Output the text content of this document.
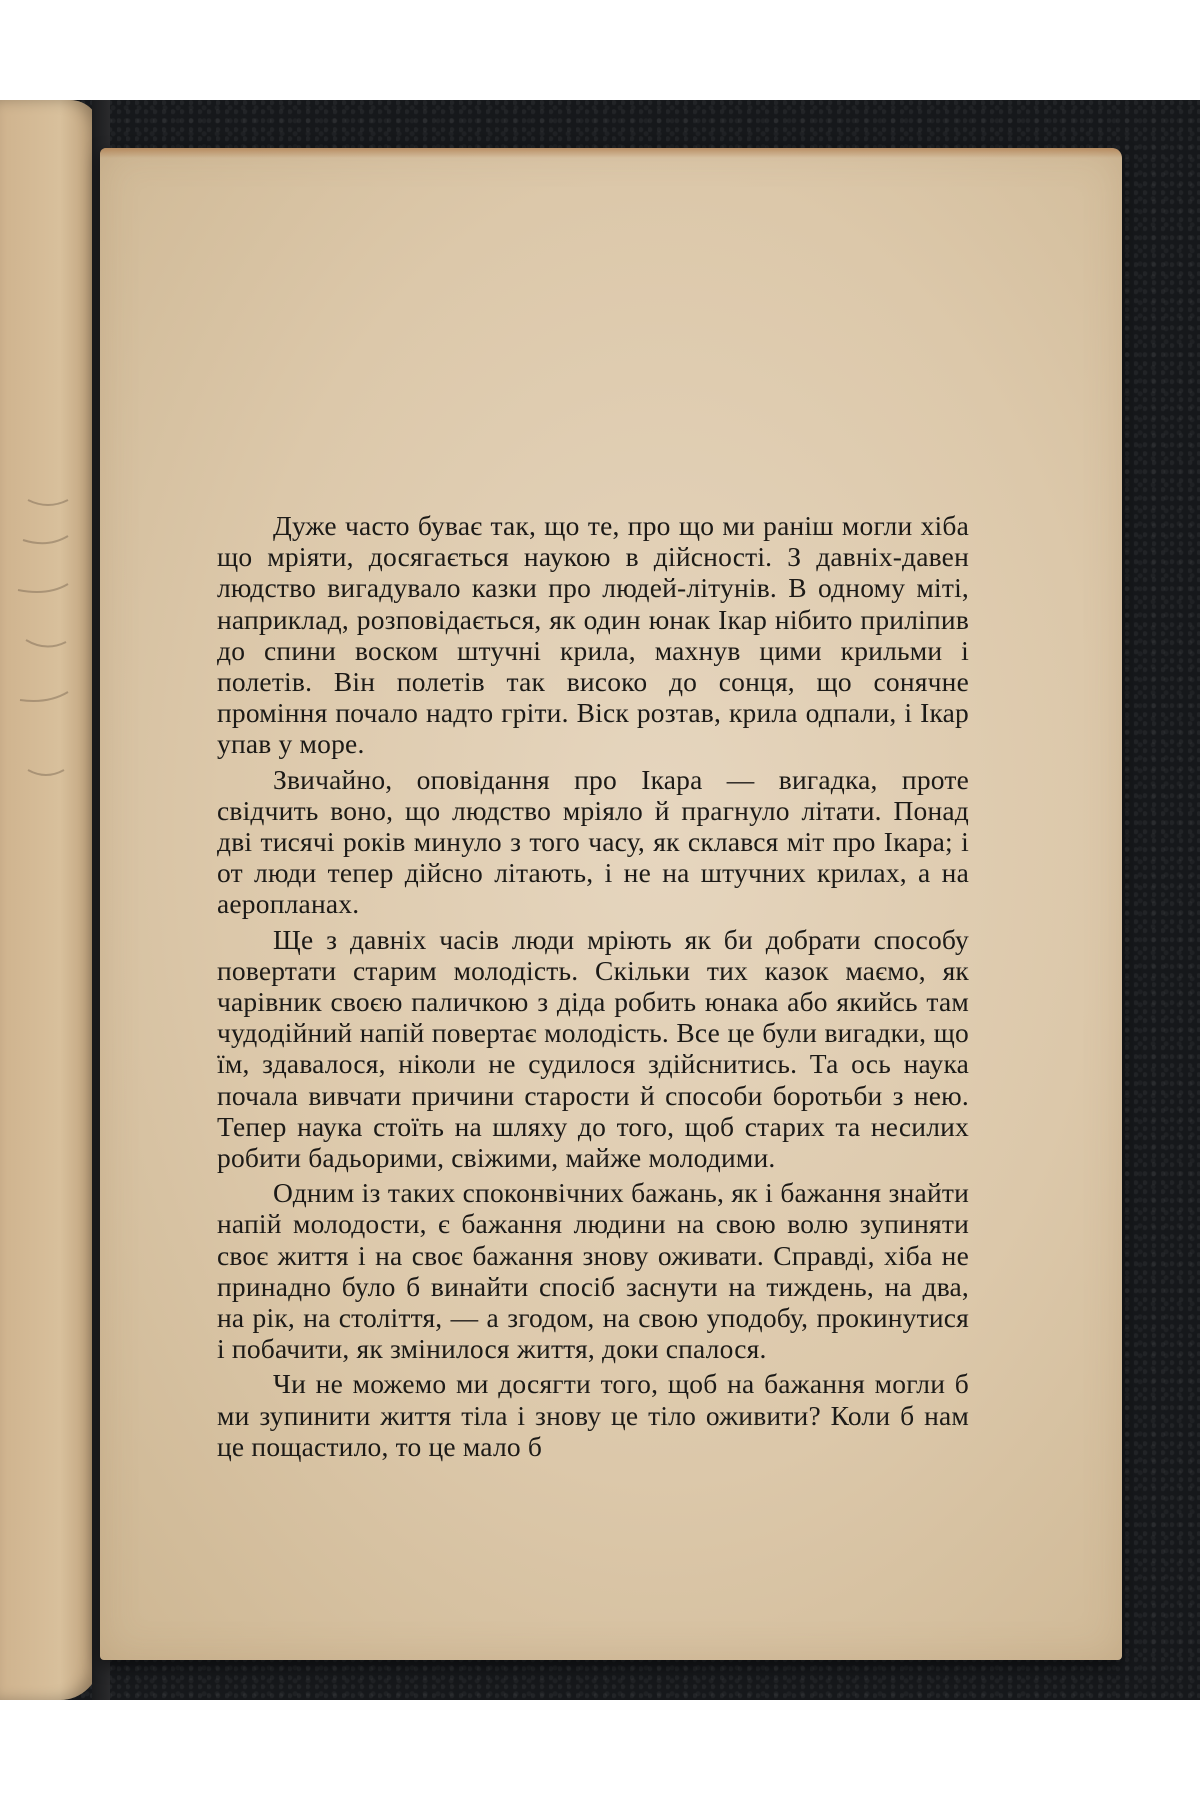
Дуже часто буває так, що те, про що ми раніш могли хіба що мріяти, досягається наукою в дійсності. З давніх-давен людство вигадувало казки про людей-літунів. В одному міті, наприклад, розповідається, як один юнак Ікар нібито приліпив до спини воском штучні крила, махнув цими крильми і полетів. Він полетів так високо до сонця, що сонячне проміння почало надто гріти. Віск розтав, крила одпали, і Ікар упав у море.

Звичайно, оповідання про Ікара — вигадка, проте свідчить воно, що людство мріяло й прагнуло літати. Понад дві тисячі років минуло з того часу, як склався міт про Ікара; і от люди тепер дійсно літають, і не на штучних крилах, а на аеропланах.

Ще з давніх часів люди мріють як би добрати способу повертати старим молодість. Скільки тих казок маємо, як чарівник своєю паличкою з діда робить юнака або якийсь там чудодійний напій повертає молодість. Все це були вигадки, що їм, здавалося, ніколи не судилося здійснитись. Та ось наука почала вивчати причини старости й способи боротьби з нею. Тепер наука стоїть на шляху до того, щоб старих та несилих робити бадьорими, свіжими, майже молодими.

Одним із таких споконвічних бажань, як і бажання знайти напій молодости, є бажання людини на свою волю зупиняти своє життя і на своє бажання знову оживати. Справді, хіба не принадно було б винайти спосіб заснути на тиждень, на два, на рік, на століття, — а згодом, на свою уподобу, прокинутися і побачити, як змінилося життя, доки спалося.

Чи не можемо ми досягти того, щоб на бажання могли б ми зупинити життя тіла і знову це тіло оживити? Коли б нам це пощастило, то це мало б
